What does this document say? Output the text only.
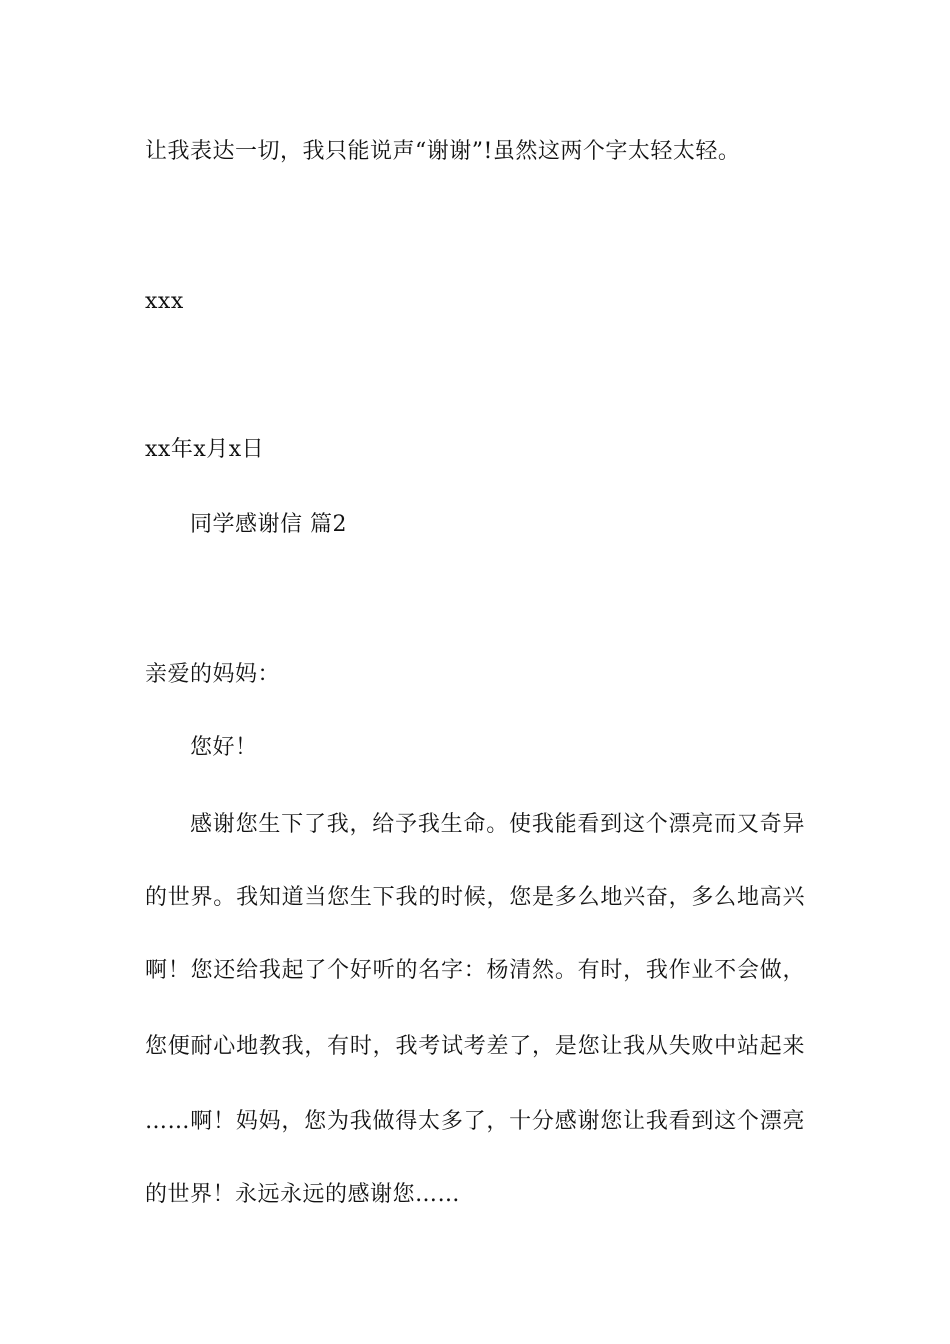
让我表达一切，我只能说声“谢谢”!虽然这两个字太轻太轻。
xxx
xx年x月x日
同学感谢信 篇2
亲爱的妈妈：
您好！
感谢您生下了我，给予我生命。使我能看到这个漂亮而又奇异
的世界。我知道当您生下我的时候，您是多么地兴奋，多么地高兴
啊！您还给我起了个好听的名字：杨清然。有时，我作业不会做，
您便耐心地教我，有时，我考试考差了，是您让我从失败中站起来
……啊！妈妈，您为我做得太多了，十分感谢您让我看到这个漂亮
的世界！永远永远的感谢您……
